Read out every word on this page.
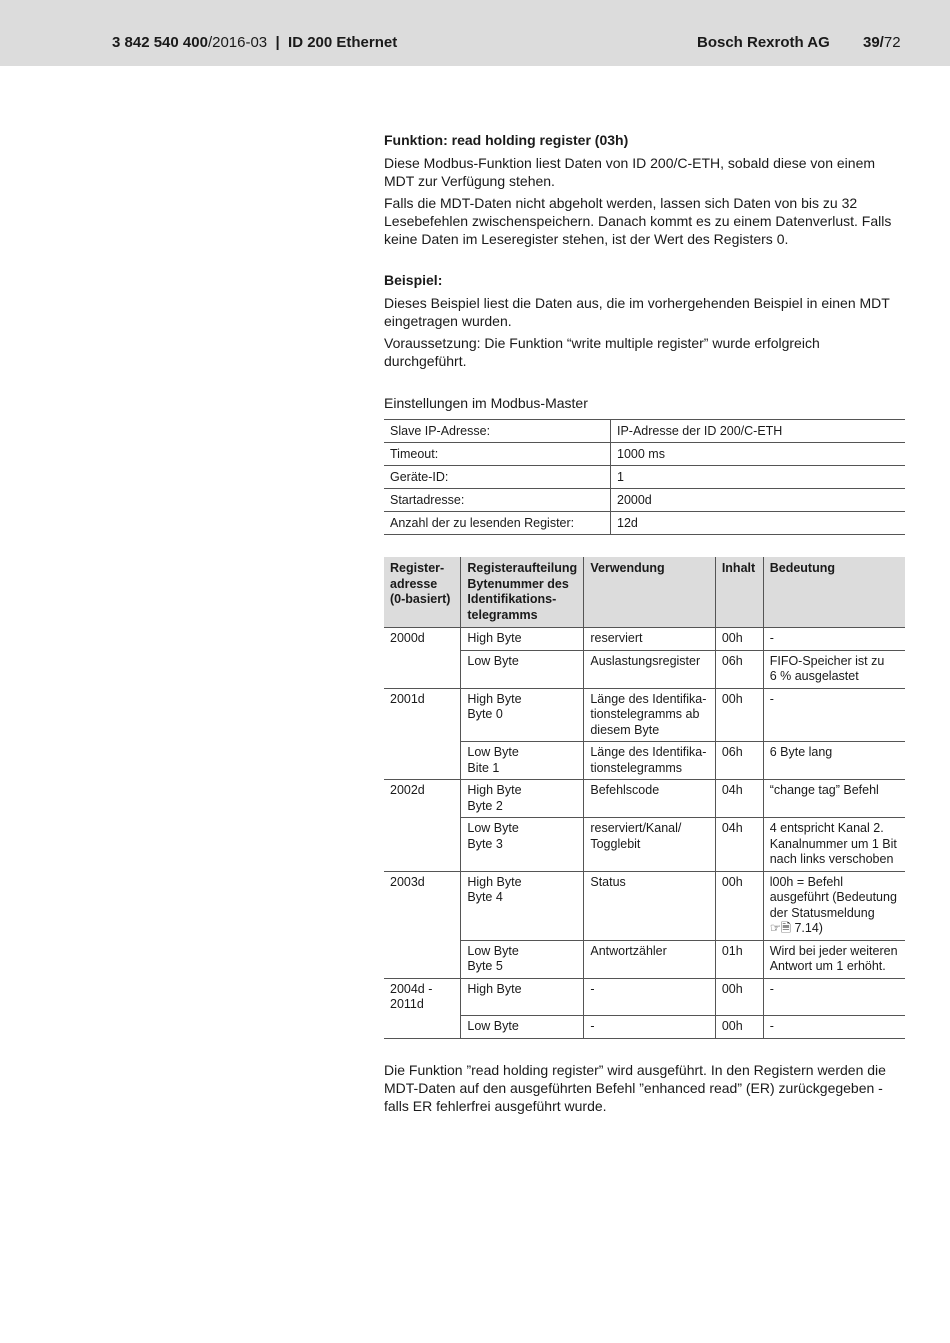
3 842 540 400/2016-03  |  ID 200 Ethernet	Bosch Rexroth AG 39/72

Funktion: read holding register (03h)

Diese Modbus-Funktion liest Daten von ID 200/C-ETH, sobald diese von einem MDT zur Verfügung stehen.

Falls die MDT-Daten nicht abgeholt werden, lassen sich Daten von bis zu 32 Lesebefehlen zwischenspeichern. Danach kommt es zu einem Datenverlust. Falls keine Daten im Leseregister stehen, ist der Wert des Registers 0.

Beispiel:

Dieses Beispiel liest die Daten aus, die im vorhergehenden Beispiel in einen MDT eingetragen wurden.

Voraussetzung: Die Funktion “write multiple register” wurde erfolgreich durchgeführt.

Einstellungen im Modbus-Master

Slave IP-Adresse:	IP-Adresse der ID 200/C-ETH
Timeout:	1000 ms
Geräte-ID:	1
Startadresse:	2000d
Anzahl der zu lesenden Register:	12d
Register-
adresse
(0-basiert)	Registeraufteilung
Bytenummer des
Identifikations-
telegramms	Verwendung	Inhalt	Bedeutung

2000d	High Byte	reserviert	00h	-

	Low Byte	Auslastungsregister	06h	FIFO-Speicher ist zu
6 % ausgelastet

2001d	High Byte
Byte 0	Länge des Identifika-
tionstelegramms ab
diesem Byte	00h	-

	Low Byte
Bite 1	Länge des Identifika-
tionstelegramms	06h	6 Byte lang

2002d	High Byte
Byte 2	Befehlscode	04h	“change tag” Befehl

	Low Byte
Byte 3	reserviert/Kanal/
Togglebit	04h	4 entspricht Kanal 2.
Kanalnummer um 1 Bit
nach links verschoben

2003d	High Byte
Byte 4	Status	00h	l00h = Befehl
ausgeführt (Bedeutung
der Statusmeldung
☞🗎 7.14)

	Low Byte
Byte 5	Antwortzähler	01h	Wird bei jeder weiteren
Antwort um 1 erhöht.

2004d -
2011d	High Byte	-	00h	-

	Low Byte	-	00h	-

Die Funktion ”read holding register” wird ausgeführt. In den Registern werden die MDT-Daten auf den ausgeführten Befehl ”enhanced read” (ER) zurückgegeben - falls ER fehlerfrei ausgeführt wurde.
